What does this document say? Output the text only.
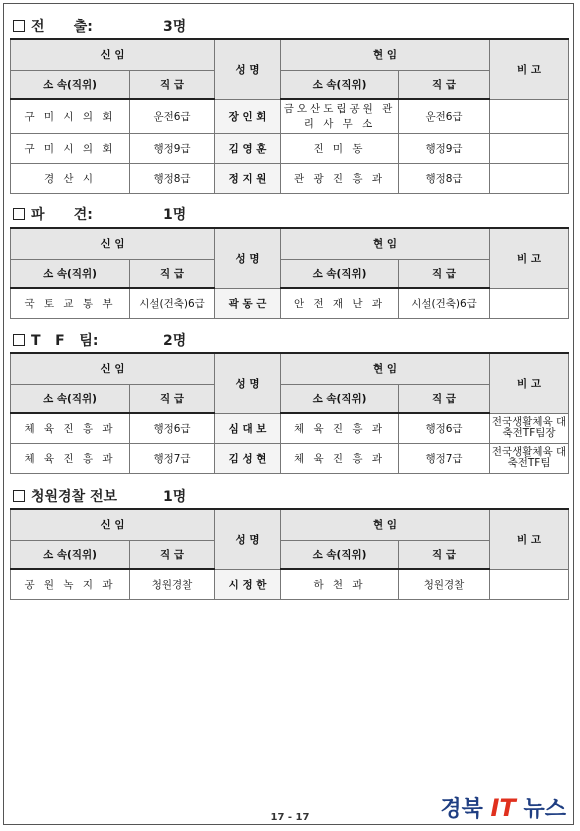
전      출:	3명
신 임		성 명	현 임		비 고
소 속(직위)	직 급		소 속(직위)	직 급	
구 미 시 의 회	운전6급	장 인 회	금오산도립공원 관 리 사 무 소	운전6급	
구 미 시 의 회	행정9급	김 영 훈	진 미 동	행정9급	
경 산 시	행정8급	정 지 원	관 광 진 흥 과	행정8급	
파      견:	1명
신 임		성 명	현 임		비 고
소 속(직위)	직 급		소 속(직위)	직 급	
국 토 교 통 부	시설(건축)6급	곽 동 근	안 전 재 난 과	시설(건축)6급	
T   F   팀:	2명
신 임		성 명	현 임		비 고
소 속(직위)	직 급		소 속(직위)	직 급	
체 육 진 흥 과	행정6급	심 대 보	체 육 진 흥 과	행정6급	전국생활체육 대축전TF팀장
체 육 진 흥 과	행정7급	김 성 현	체 육 진 흥 과	행정7급	전국생활체육 대축전TF팀
청원경찰 전보	1명
신 임		성 명	현 임		비 고
소 속(직위)	직 급		소 속(직위)	직 급	
공 원 녹 지 과	청원경찰	시 정 한	하 천 과	청원경찰	
17 - 17	경북 IT 뉴스
